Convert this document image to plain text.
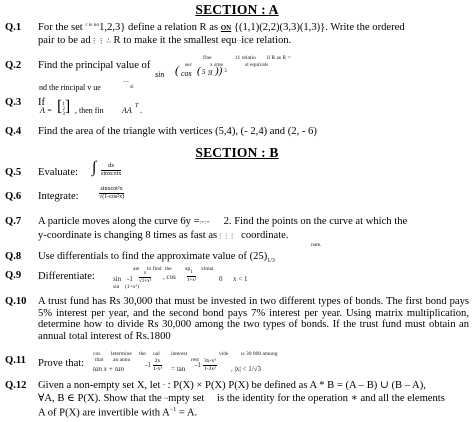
SECTION : A
Q.1	For the set $^{r is no}$1,2,3} define a relation R as ON {(1,1)(2,2)(3,3)(1,3)}. Write the ordered
pair to be ad⋮⋮ ∴ R to make it the smallest equ··ice relation.
Q.2	Find the principal value of
fine	11 relatio ll R as R =
sec	x sme	sl equivals
sin ( cos ( 5 π )) 3
nd the rincipal v ue
~~
sl
Q.3	If
A = [1
2
3] , then fin AA T .
Q.4	Find the area of the triangle with vertices (5,4), (- 2,4) and (2, - 6)
SECTION : B
Q.5	Evaluate: ∫ $\frac{dx}{\text{sinxcotx}}$
Q.6	Integrate:	$\frac{\text{sinxcot²x}}{\text{√(1-cos²x)}}$
Q.7	A particle moves along the curve 6y =:=:= 2. Find the points on the curve at which the
y-coordinate is changing 8 times as fast as⋮⋮⋮ coordinate.
Q.8	Use differentials to find the approximate value of $(25)_{1/3}$
nate.
Q.9	Differentiate:
ate to find the ap ximat
$\sin -1 \frac{x}{\text{√1+x²}}$ , $\cos \frac{1}{\text{1+x²}}$	0 x < 1
sin (1+x²)
Q.10	A trust fund has Rs 30,000 that must be invested in two different types of bonds. The first bond pays 5% interest per year, and the second bond pays 7% interest per year. Using matrix multiplication, determine how to divide Rs 30,000 among the two types of bonds. If the trust fund must obtain an annual total interest of Rs.1800
Q.11	Prove that:
cos letermine the ual interest	vide ıs 30 000 among
that an annu	rest
tan x + tan	$-1 \frac{2x}{\text{1-x²}} = \tan -1 \frac{\text{3x-x³}}{\text{1-3x²}}$ , |x| < 1/√3
Q.12	Given a non-empty set X, let ⁻ : P(X) × P(X) P(X) be defined as A * B = (A – B) ∪ (B – A),
∀A, B ∈ P(X). Show that the ~mpty set is the identity for the operation ∗ and all the elements
A of P(X) are invertible with $A^{-1} = A$.
